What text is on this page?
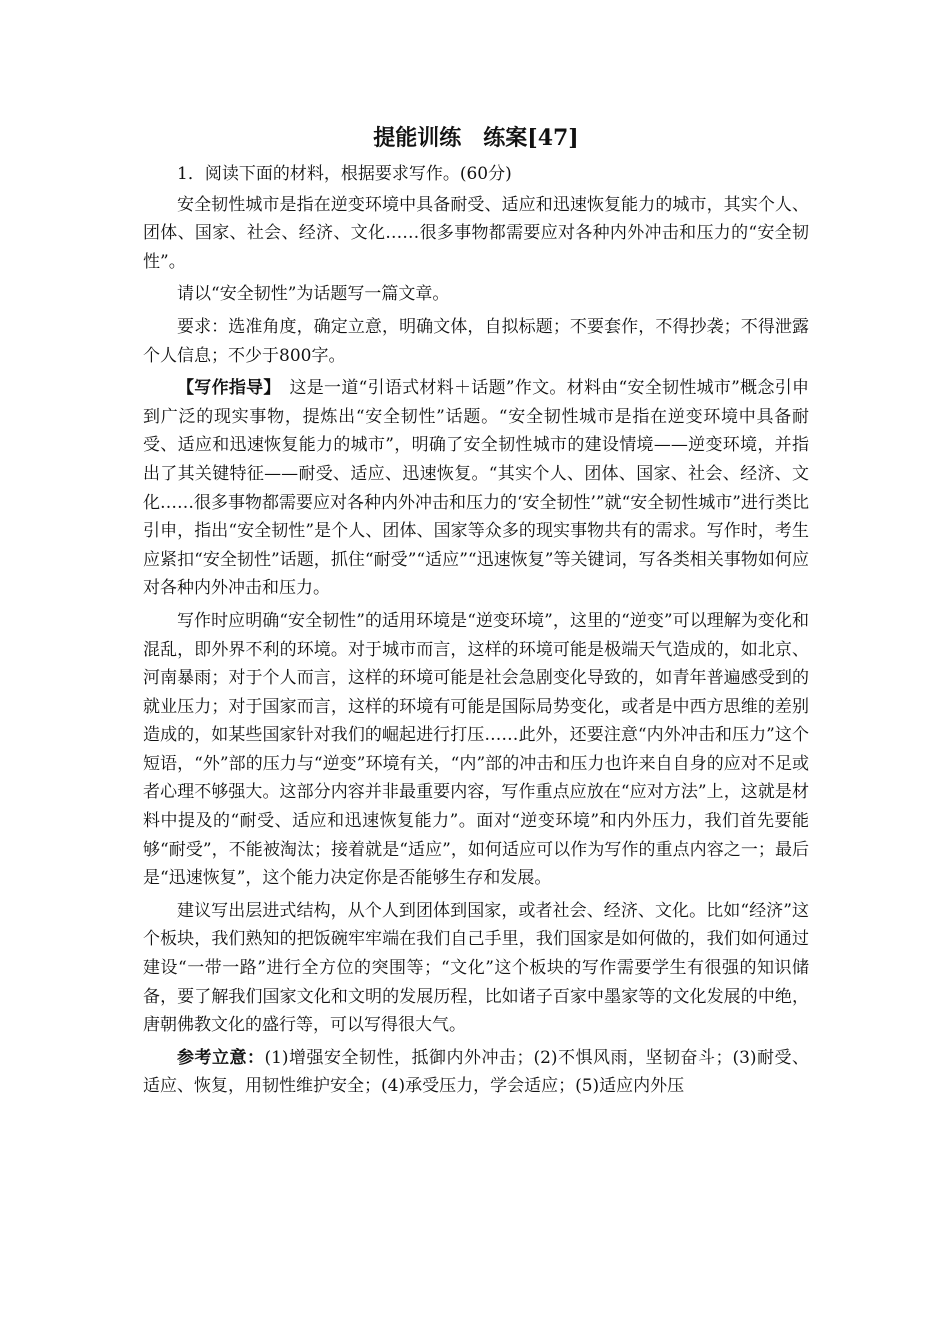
提能训练　练案[47]

1．阅读下面的材料，根据要求写作。(60分)

安全韧性城市是指在逆变环境中具备耐受、适应和迅速恢复能力的城市，其实个人、团体、国家、社会、经济、文化……很多事物都需要应对各种内外冲击和压力的“安全韧性”。

请以“安全韧性”为话题写一篇文章。

要求：选准角度，确定立意，明确文体，自拟标题；不要套作，不得抄袭；不得泄露个人信息；不少于800字。

【写作指导】　这是一道“引语式材料＋话题”作文。材料由“安全韧性城市”概念引申到广泛的现实事物，提炼出“安全韧性”话题。“安全韧性城市是指在逆变环境中具备耐受、适应和迅速恢复能力的城市”，明确了安全韧性城市的建设情境——逆变环境，并指出了其关键特征——耐受、适应、迅速恢复。“其实个人、团体、国家、社会、经济、文化……很多事物都需要应对各种内外冲击和压力的‘安全韧性’”就“安全韧性城市”进行类比引申，指出“安全韧性”是个人、团体、国家等众多的现实事物共有的需求。写作时，考生应紧扣“安全韧性”话题，抓住“耐受”“适应”“迅速恢复”等关键词，写各类相关事物如何应对各种内外冲击和压力。

写作时应明确“安全韧性”的适用环境是“逆变环境”，这里的“逆变”可以理解为变化和混乱，即外界不利的环境。对于城市而言，这样的环境可能是极端天气造成的，如北京、河南暴雨；对于个人而言，这样的环境可能是社会急剧变化导致的，如青年普遍感受到的就业压力；对于国家而言，这样的环境有可能是国际局势变化，或者是中西方思维的差别造成的，如某些国家针对我们的崛起进行打压……此外，还要注意“内外冲击和压力”这个短语，“外”部的压力与“逆变”环境有关，“内”部的冲击和压力也许来自自身的应对不足或者心理不够强大。这部分内容并非最重要内容，写作重点应放在“应对方法”上，这就是材料中提及的“耐受、适应和迅速恢复能力”。面对“逆变环境”和内外压力，我们首先要能够“耐受”，不能被淘汰；接着就是“适应”，如何适应可以作为写作的重点内容之一；最后是“迅速恢复”，这个能力决定你是否能够生存和发展。

建议写出层进式结构，从个人到团体到国家，或者社会、经济、文化。比如“经济”这个板块，我们熟知的把饭碗牢牢端在我们自己手里，我们国家是如何做的，我们如何通过建设“一带一路”进行全方位的突围等；“文化”这个板块的写作需要学生有很强的知识储备，要了解我们国家文化和文明的发展历程，比如诸子百家中墨家等的文化发展的中绝，唐朝佛教文化的盛行等，可以写得很大气。

参考立意：(1)增强安全韧性，抵御内外冲击；(2)不惧风雨，坚韧奋斗；(3)耐受、适应、恢复，用韧性维护安全；(4)承受压力，学会适应；(5)适应内外压
